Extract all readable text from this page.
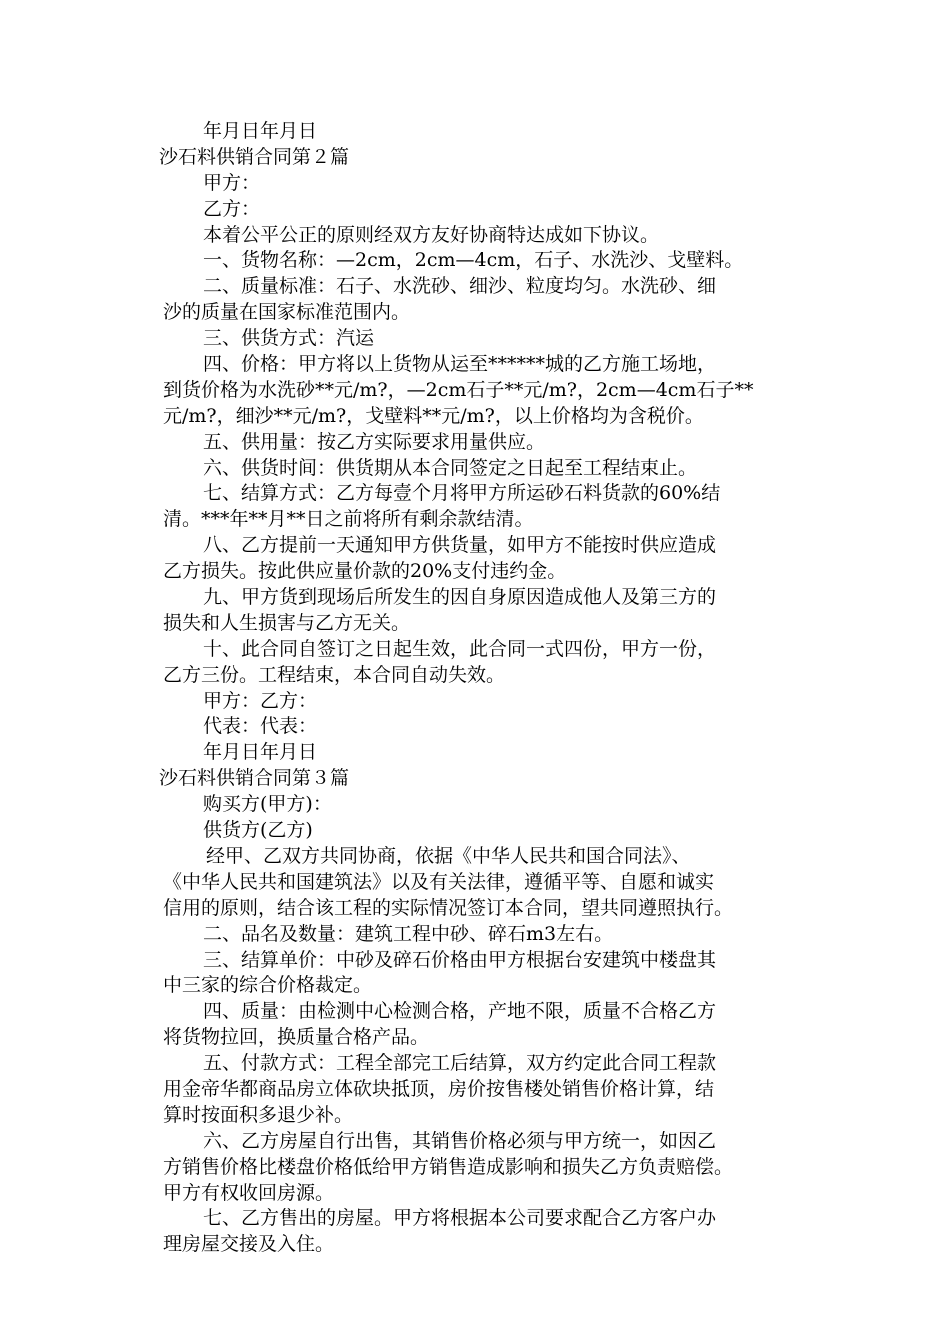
年月日年月日
沙石料供销合同第２篇
甲方：
乙方：
本着公平公正的原则经双方友好协商特达成如下协议。
一、货物名称：—2cm，2cm—4cm，石子、水洗沙、戈壁料。
二、质量标准：石子、水洗砂、细沙、粒度均匀。水洗砂、细
沙的质量在国家标准范围内。
三、供货方式：汽运
四、价格：甲方将以上货物从运至******城的乙方施工场地，
到货价格为水洗砂**元/m?，—2cm石子**元/m?，2cm—4cm石子**
元/m?，细沙**元/m?，戈壁料**元/m?，以上价格均为含税价。
五、供用量：按乙方实际要求用量供应。
六、供货时间：供货期从本合同签定之日起至工程结束止。
七、结算方式：乙方每壹个月将甲方所运砂石料货款的60%结
清。***年**月**日之前将所有剩余款结清。
八、乙方提前一天通知甲方供货量，如甲方不能按时供应造成
乙方损失。按此供应量价款的20%支付违约金。
九、甲方货到现场后所发生的因自身原因造成他人及第三方的
损失和人生损害与乙方无关。
十、此合同自签订之日起生效，此合同一式四份，甲方一份，
乙方三份。工程结束，本合同自动失效。
甲方：乙方：
代表：代表：
年月日年月日
沙石料供销合同第３篇
购买方(甲方)：
供货方(乙方)
经甲、乙双方共同协商，依据《中华人民共和国合同法》、
《中华人民共和国建筑法》以及有关法律，遵循平等、自愿和诚实
信用的原则，结合该工程的实际情况签订本合同，望共同遵照执行。
二、品名及数量：建筑工程中砂、碎石m3左右。
三、结算单价：中砂及碎石价格由甲方根据台安建筑中楼盘其
中三家的综合价格裁定。
四、质量：由检测中心检测合格，产地不限，质量不合格乙方
将货物拉回，换质量合格产品。
五、付款方式：工程全部完工后结算，双方约定此合同工程款
用金帝华都商品房立体砍块抵顶，房价按售楼处销售价格计算，结
算时按面积多退少补。
六、乙方房屋自行出售，其销售价格必须与甲方统一，如因乙
方销售价格比楼盘价格低给甲方销售造成影响和损失乙方负责赔偿。
甲方有权收回房源。
七、乙方售出的房屋。甲方将根据本公司要求配合乙方客户办
理房屋交接及入住。
